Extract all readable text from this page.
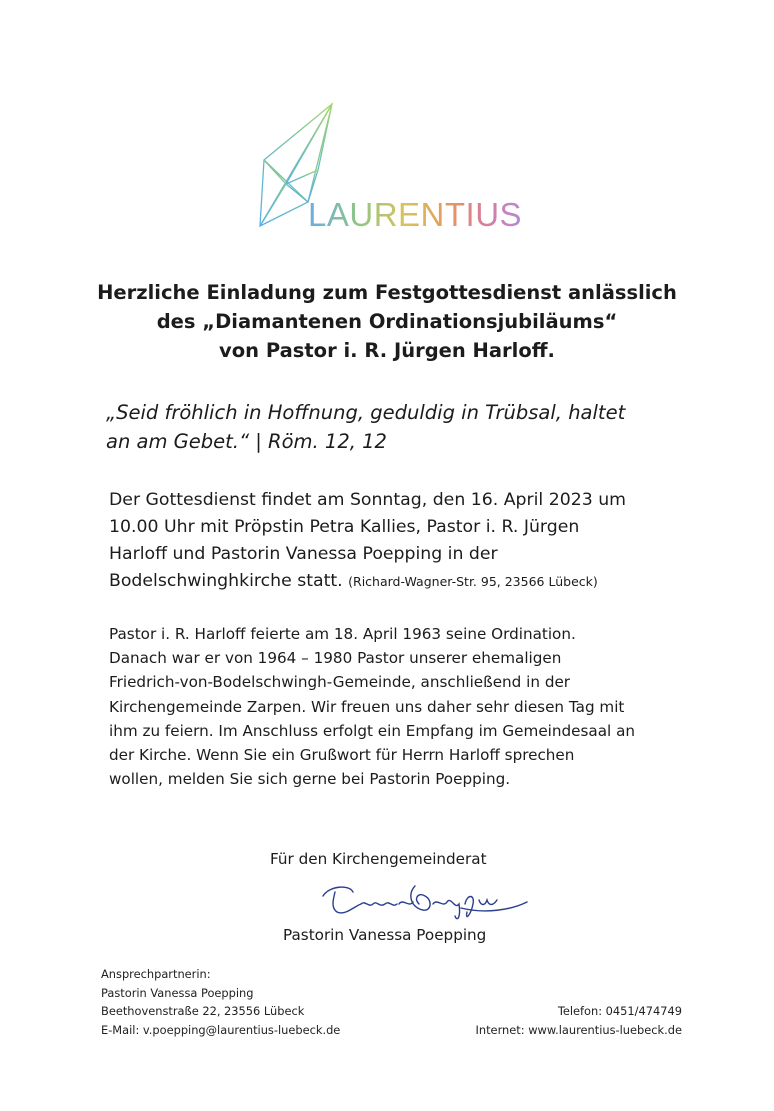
LAURENTIUS
Herzliche Einladung zum Festgottesdienst anlässlich
des „Diamantenen Ordinationsjubiläums“
von Pastor i. R. Jürgen Harloff.
„Seid fröhlich in Hoffnung, geduldig in Trübsal, haltet
an am Gebet.“ | Röm. 12, 12
Der Gottesdienst findet am Sonntag, den 16. April 2023 um
10.00 Uhr mit Pröpstin Petra Kallies, Pastor i. R. Jürgen
Harloff und Pastorin Vanessa Poepping in der
Bodelschwinghkirche statt. (Richard-Wagner-Str. 95, 23566 Lübeck)
Pastor i. R. Harloff feierte am 18. April 1963 seine Ordination.
Danach war er von 1964 – 1980 Pastor unserer ehemaligen
Friedrich-von-Bodelschwingh-Gemeinde, anschließend in der
Kirchengemeinde Zarpen. Wir freuen uns daher sehr diesen Tag mit
ihm zu feiern. Im Anschluss erfolgt ein Empfang im Gemeindesaal an
der Kirche. Wenn Sie ein Grußwort für Herrn Harloff sprechen
wollen, melden Sie sich gerne bei Pastorin Poepping.
Für den Kirchengemeinderat
Pastorin Vanessa Poepping
Ansprechpartnerin:
Pastorin Vanessa Poepping
Beethovenstraße 22, 23556 Lübeck
E-Mail: v.poepping@laurentius-luebeck.de
Telefon: 0451/474749
Internet: www.laurentius-luebeck.de
